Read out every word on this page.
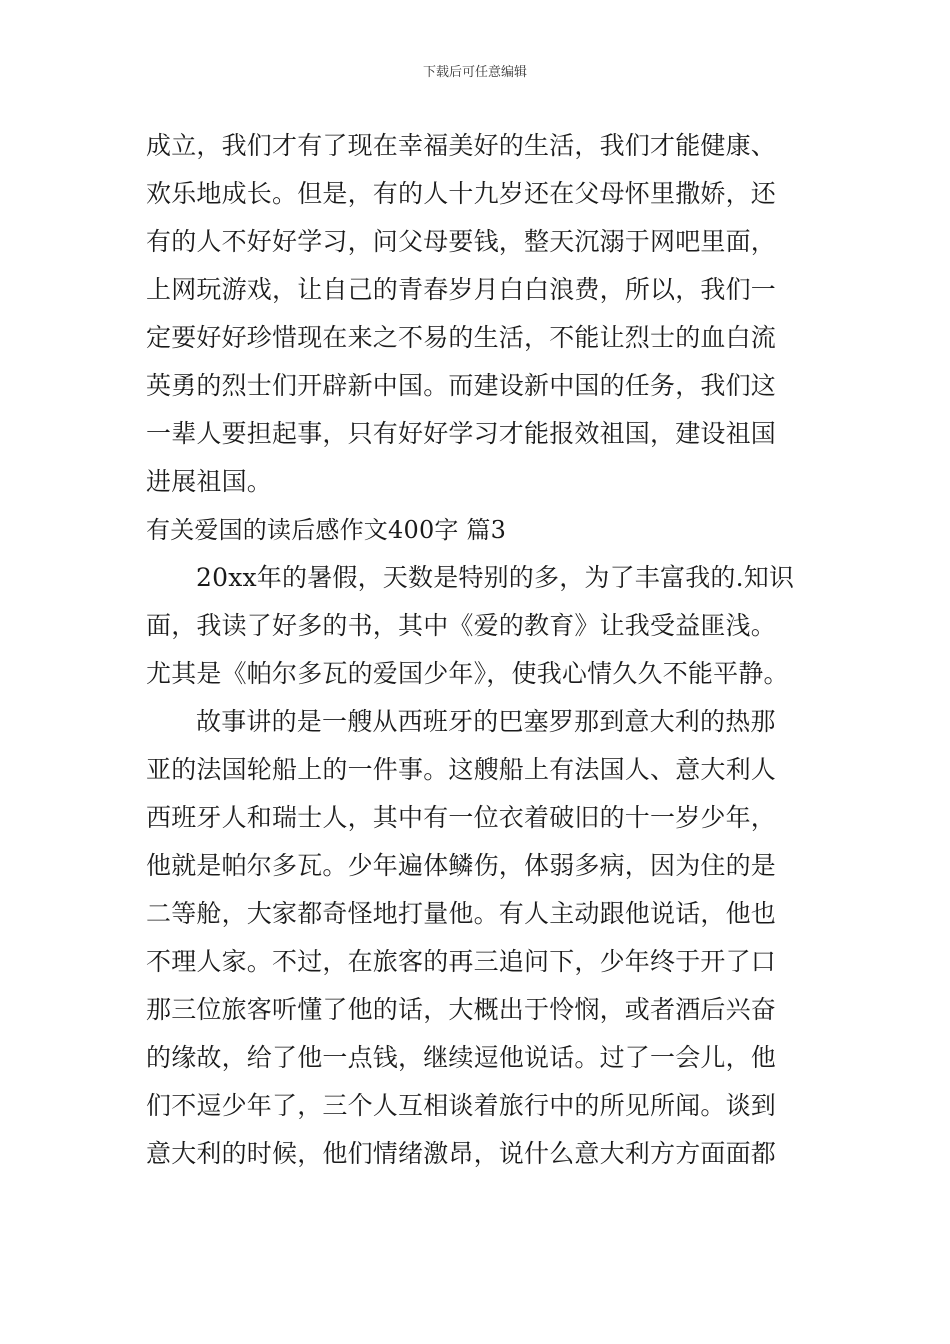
下载后可任意编辑
成立，我们才有了现在幸福美好的生活，我们才能健康、
欢乐地成长。但是，有的人十九岁还在父母怀里撒娇，还
有的人不好好学习，问父母要钱，整天沉溺于网吧里面，
上网玩游戏，让自己的青春岁月白白浪费，所以，我们一
定要好好珍惜现在来之不易的生活，不能让烈士的血白流
英勇的烈士们开辟新中国。而建设新中国的任务，我们这
一辈人要担起事，只有好好学习才能报效祖国，建设祖国
进展祖国。
有关爱国的读后感作文400字 篇3
20xx年的暑假，天数是特别的多，为了丰富我的.知识
面，我读了好多的书，其中《爱的教育》让我受益匪浅。
尤其是《帕尔多瓦的爱国少年》，使我心情久久不能平静。
故事讲的是一艘从西班牙的巴塞罗那到意大利的热那
亚的法国轮船上的一件事。这艘船上有法国人、意大利人
西班牙人和瑞士人，其中有一位衣着破旧的十一岁少年，
他就是帕尔多瓦。少年遍体鳞伤，体弱多病，因为住的是
二等舱，大家都奇怪地打量他。有人主动跟他说话，他也
不理人家。不过，在旅客的再三追问下，少年终于开了口
那三位旅客听懂了他的话，大概出于怜悯，或者酒后兴奋
的缘故，给了他一点钱，继续逗他说话。过了一会儿，他
们不逗少年了，三个人互相谈着旅行中的所见所闻。谈到
意大利的时候，他们情绪激昂，说什么意大利方方面面都
